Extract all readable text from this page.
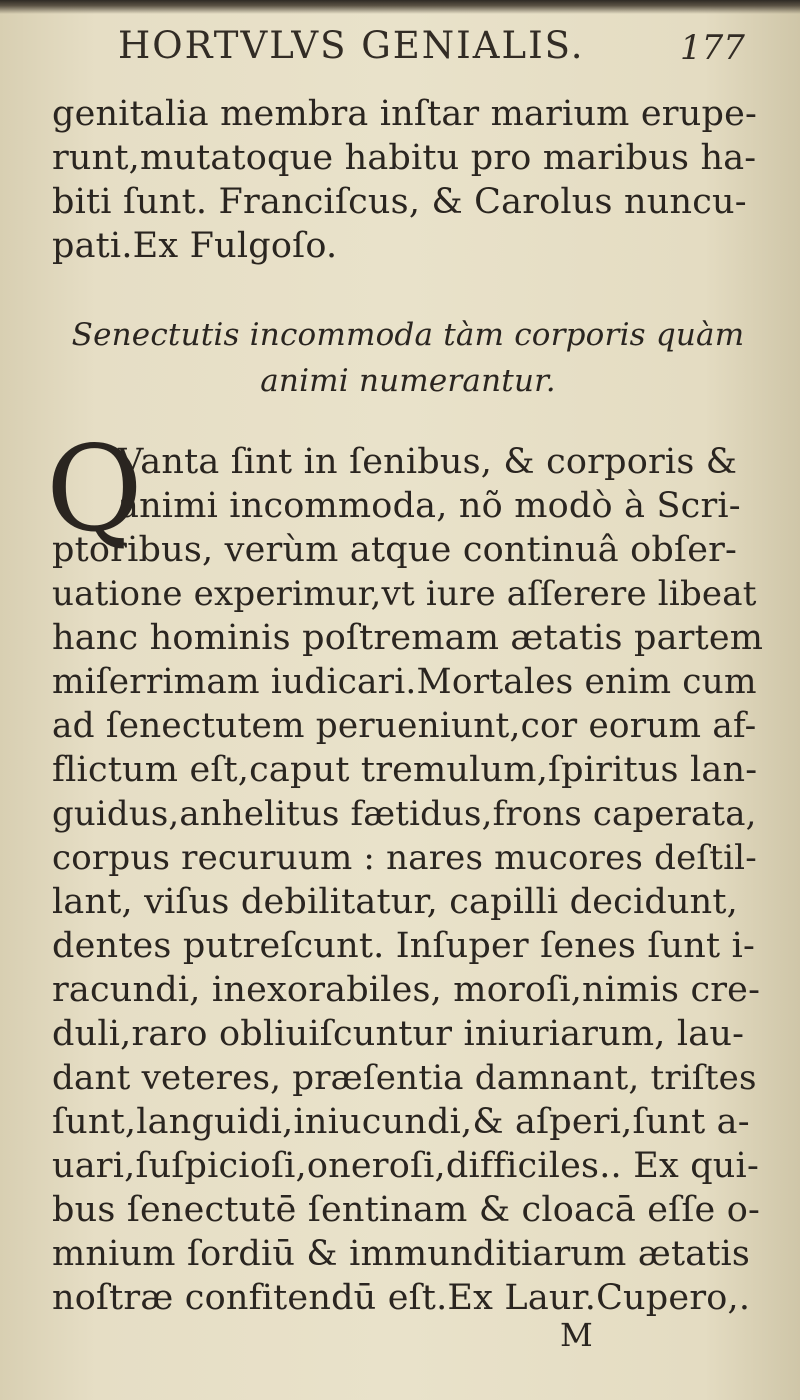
HORTVLVS GENIALIS.	177
genitalia membra inſtar marium erupe-
runt,mutatoque habitu pro maribus ha-
biti ſunt. Franciſcus, & Carolus nuncu-
pati.Ex Fulgoſo.
Senectutis incommoda tàm corporis quàm
animi numerantur.
Q
Vanta ſint in ſenibus, & corporis &
animi incommoda, nõ modò à Scri-
ptoribus, verùm atque continuâ obſer-
uatione experimur,vt iure aſſerere libeat
hanc hominis poſtremam ætatis partem
miſerrimam iudicari.Mortales enim cum
ad ſenectutem perueniunt,cor eorum af-
flictum eſt,caput tremulum,ſpiritus lan-
guidus,anhelitus fætidus,frons caperata,
corpus recuruum : nares mucores deſtil-
lant, viſus debilitatur, capilli decidunt,
dentes putreſcunt. Inſuper ſenes ſunt i-
racundi, inexorabiles, moroſi,nimis cre-
duli,raro obliuiſcuntur iniuriarum, lau-
dant veteres, præſentia damnant, triſtes
ſunt,languidi,iniucundi,& aſperi,ſunt a-
uari,ſuſpicioſi,oneroſi,difficiles.. Ex qui-
bus ſenectutē ſentinam & cloacā eſſe o-
mnium ſordiū & immunditiarum ætatis
noſtræ confitendū eſt.Ex Laur.Cupero,.
M
